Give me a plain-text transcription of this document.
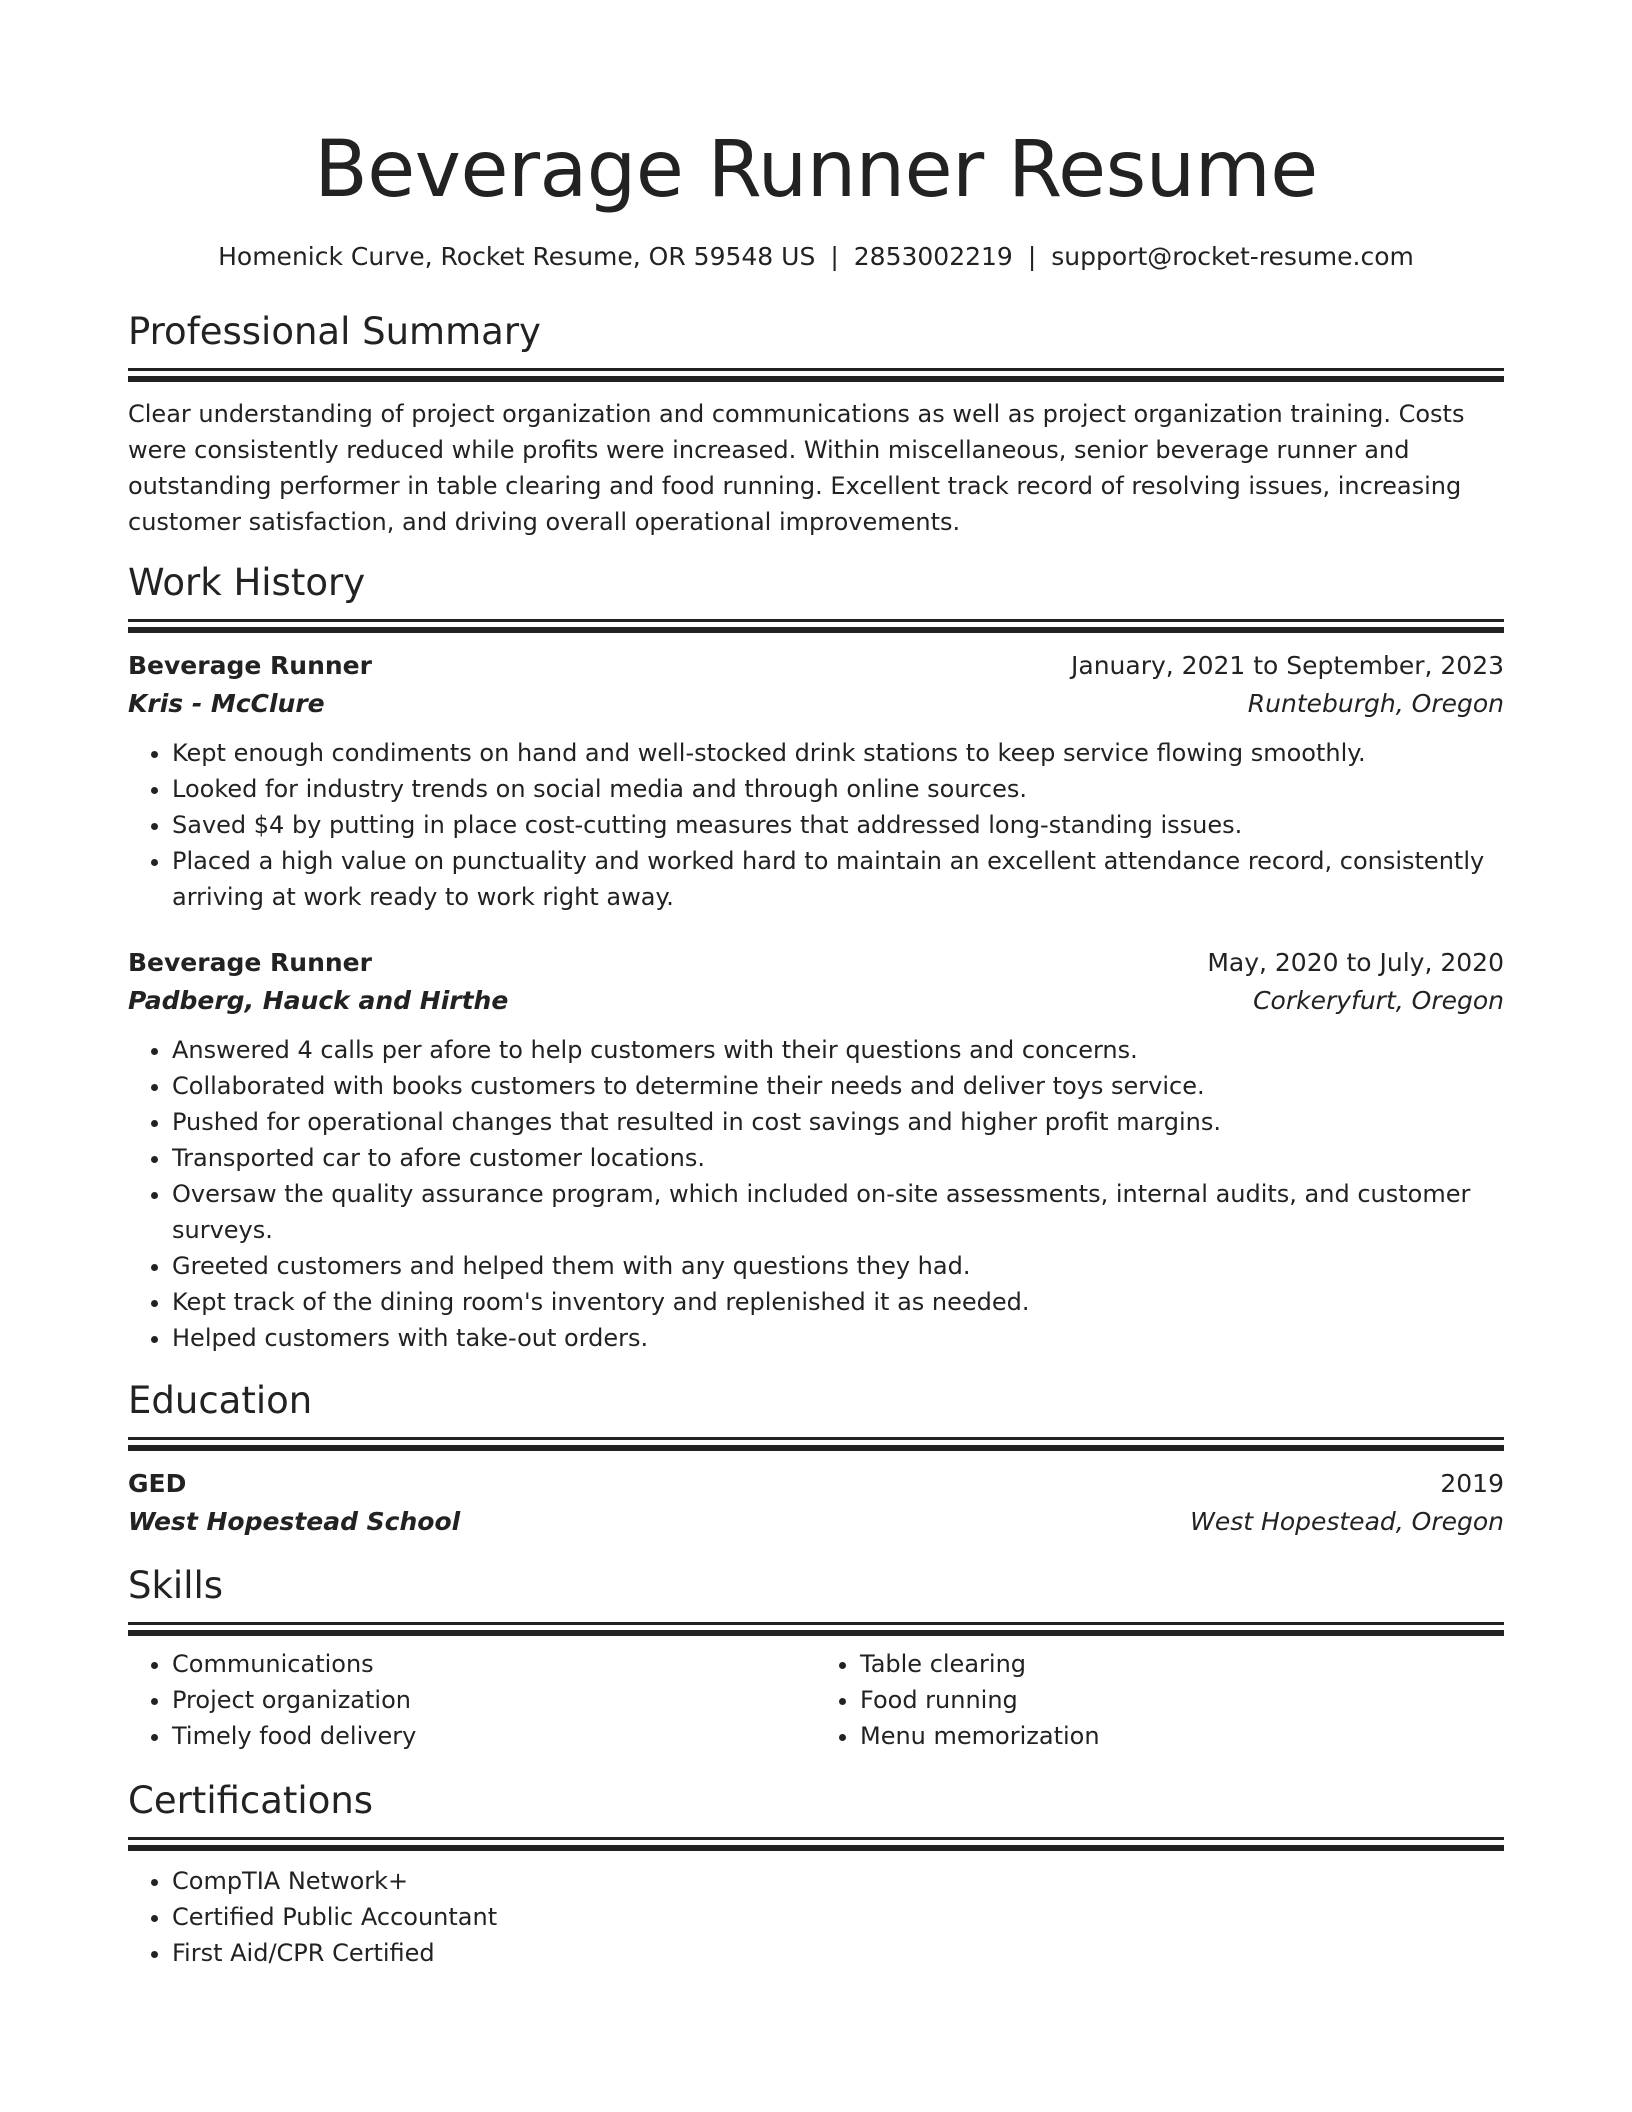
Beverage Runner Resume
Homenick Curve, Rocket Resume, OR 59548 US | 2853002219 | support@rocket-resume.com
Professional Summary

Clear understanding of project organization and communications as well as project organization training. Costs were consistently reduced while profits were increased. Within miscellaneous, senior beverage runner and outstanding performer in table clearing and food running. Excellent track record of resolving issues, increasing customer satisfaction, and driving overall operational improvements.

Work History
Beverage Runner	January, 2021 to September, 2023
Kris - McClure	Runteburgh, Oregon
• Kept enough condiments on hand and well-stocked drink stations to keep service flowing smoothly.
• Looked for industry trends on social media and through online sources.
• Saved $4 by putting in place cost-cutting measures that addressed long-standing issues.
• Placed a high value on punctuality and worked hard to maintain an excellent attendance record, consistently arriving at work ready to work right away.
Beverage Runner	May, 2020 to July, 2020
Padberg, Hauck and Hirthe	Corkeryfurt, Oregon
• Answered 4 calls per afore to help customers with their questions and concerns.
• Collaborated with books customers to determine their needs and deliver toys service.
• Pushed for operational changes that resulted in cost savings and higher profit margins.
• Transported car to afore customer locations.
• Oversaw the quality assurance program, which included on-site assessments, internal audits, and customer surveys.
• Greeted customers and helped them with any questions they had.
• Kept track of the dining room's inventory and replenished it as needed.
• Helped customers with take-out orders.
Education
GED	2019
West Hopestead School	West Hopestead, Oregon
Skills
• Communications
• Project organization
• Timely food delivery
• Table clearing
• Food running
• Menu memorization
Certifications
• CompTIA Network+
• Certified Public Accountant
• First Aid/CPR Certified
